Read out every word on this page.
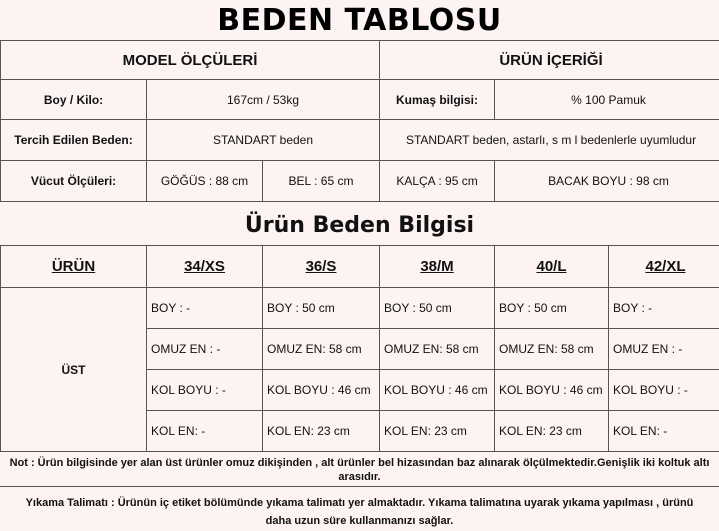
BEDEN TABLOSU
MODEL ÖLÇÜLERİ			ÜRÜN İÇERİĞİ	
Boy / Kilo:	167cm / 53kg		Kumaş bilgisi:	% 100 Pamuk
Tercih Edilen Beden:	STANDART beden		STANDART beden, astarlı, s m l bedenlerle uyumludur	
Vücut Ölçüleri:	GÖĞÜS : 88 cm	BEL : 65 cm	KALÇA : 95 cm	BACAK BOYU : 98 cm
Ürün Beden Bilgisi
ÜRÜN	34/XS	36/S	38/M	40/L	42/XL
ÜST	BOY : -	BOY : 50 cm	BOY : 50 cm	BOY : 50 cm	BOY : -
	OMUZ EN : -	OMUZ EN: 58 cm	OMUZ EN: 58 cm	OMUZ EN: 58 cm	OMUZ EN : -
	KOL BOYU : -	KOL BOYU : 46 cm	KOL BOYU : 46 cm	KOL BOYU : 46 cm	KOL BOYU : -
	KOL EN: -	KOL EN: 23 cm	KOL EN: 23 cm	KOL EN: 23 cm	KOL EN: -
Not : Ürün bilgisinde yer alan üst ürünler omuz dikişinden , alt ürünler bel hizasından baz alınarak ölçülmektedir.Genişlik iki koltuk altı
arasıdır.
Yıkama Talimatı : Ürünün iç etiket bölümünde yıkama talimatı yer almaktadır. Yıkama talimatına uyarak yıkama yapılması , ürünü
daha uzun süre kullanmanızı sağlar.
